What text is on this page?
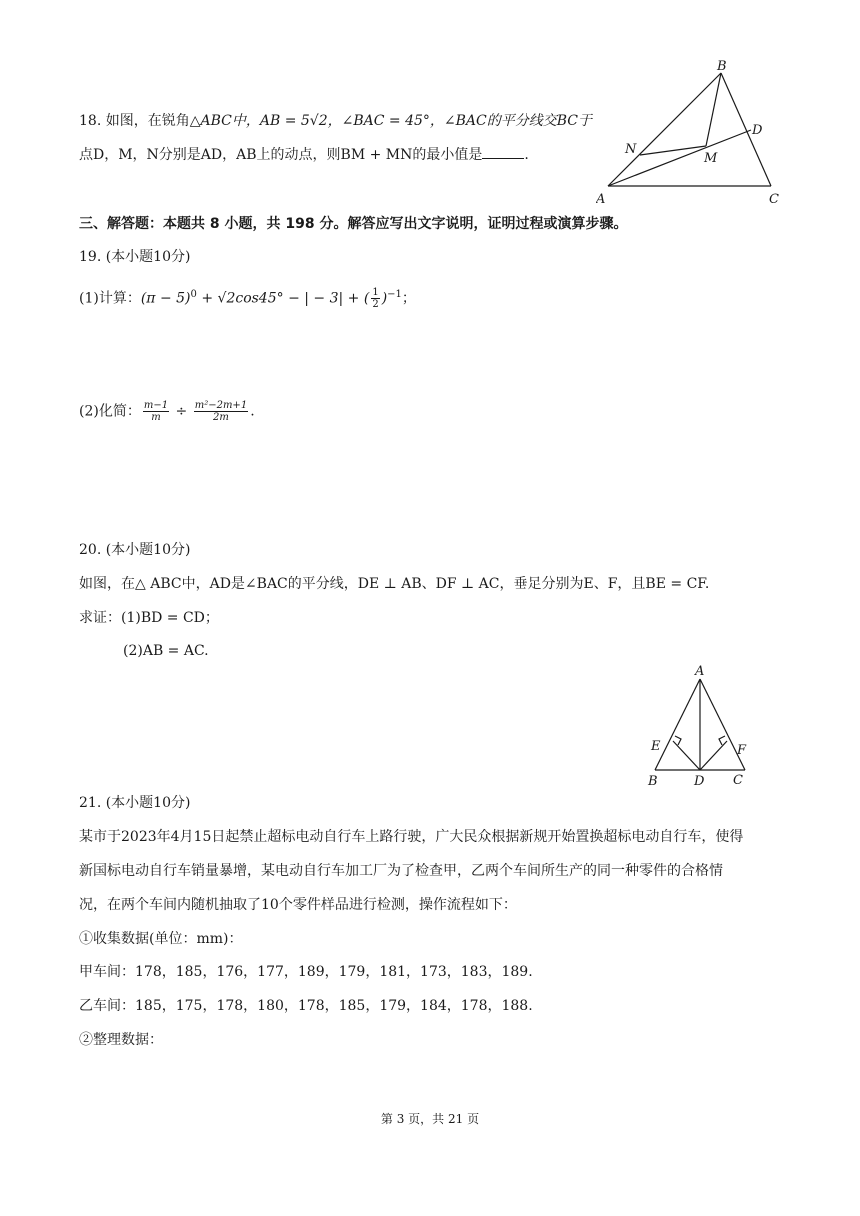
18. 如图，在锐角△ABC中，AB = 5√2，∠BAC = 45°，∠BAC的平分线交BC于
点D，M，N分别是AD，AB上的动点，则BM + MN的最小值是	.
A
B
C
D
M
N
三、解答题：本题共 8 小题，共 198 分。解答应写出文字说明，证明过程或演算步骤。
19. (本小题10分)
(1)计算：$(\pi - 5)^0 + √2\cos 45^\circ$ − | − 3| + ( $\frac{1}{2} )^{-1}$；
(2)化简： $\frac{m-1}{m} \div \frac{\text{m²−2m+1}}{2m}$ .
20. (本小题10分)
如图，在△ ABC中，AD是∠BAC的平分线，DE ⊥ AB、DF ⊥ AC，垂足分别为E、F，且BE = CF.
求证：(1)BD = CD；
(2)AB = AC.
A
B	C
D
E	F
21. (本小题10分)
某市于2023年4月15日起禁止超标电动自行车上路行驶，广大民众根据新规开始置换超标电动自行车，使得
新国标电动自行车销量暴增，某电动自行车加工厂为了检查甲，乙两个车间所生产的同一种零件的合格情
况，在两个车间内随机抽取了10个零件样品进行检测，操作流程如下：
①收集数据(单位：mm)：
甲车间：178，185，176，177，189，179，181，173，183，189.
乙车间：185，175，178，180，178，185，179，184，178，188.
②整理数据：
第 3 页，共 21 页
